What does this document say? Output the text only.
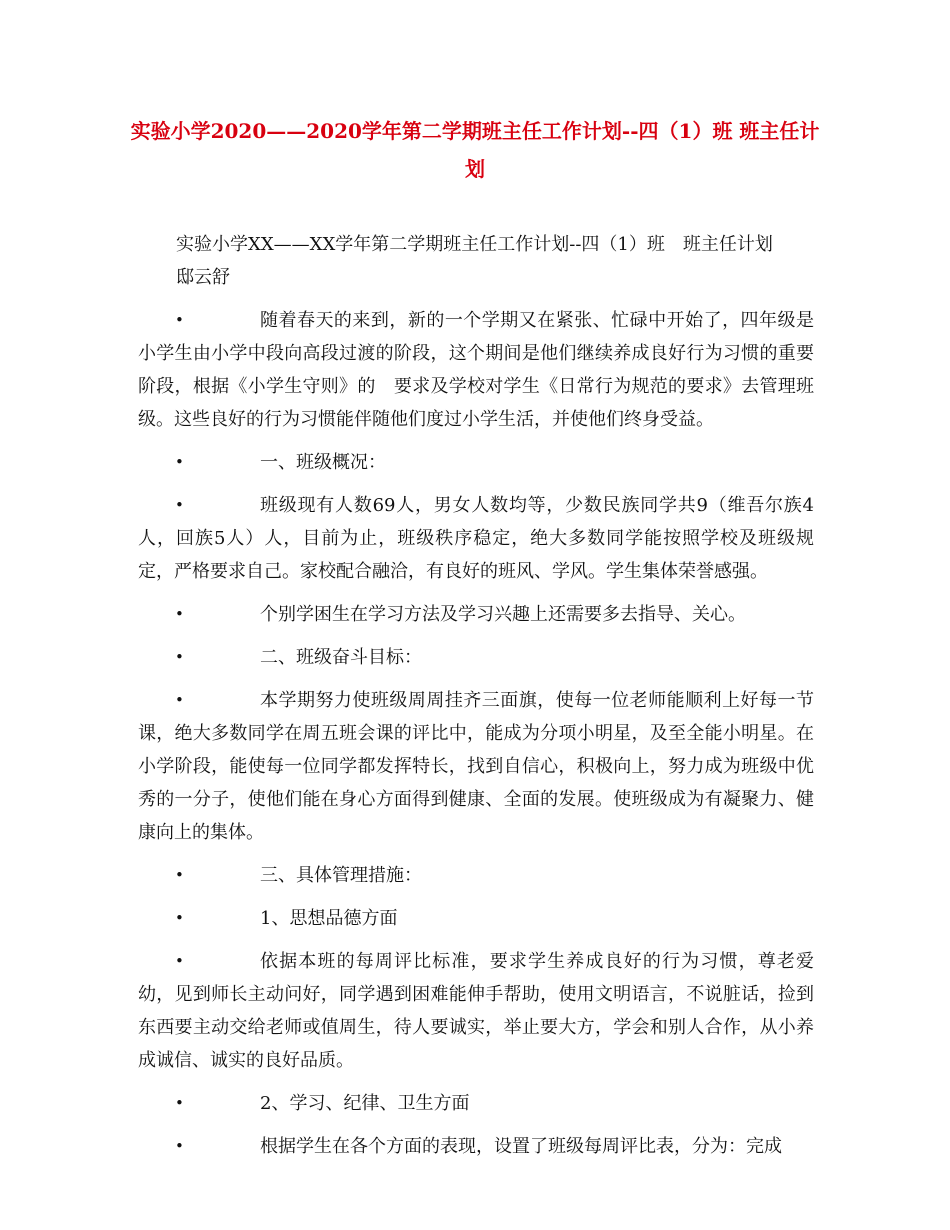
实验小学2020——2020学年第二学期班主任工作计划--四（1）班 班主任计划

实验小学XX——XX学年第二学期班主任工作计划--四（1）班　班主任计划

邸云舒

•	随着春天的来到，新的一个学期又在紧张、忙碌中开始了，四年级是小学生由小学中段向高段过渡的阶段，这个期间是他们继续养成良好行为习惯的重要阶段，根据《小学生守则》的　要求及学校对学生《日常行为规范的要求》去管理班级。这些良好的行为习惯能伴随他们度过小学生活，并使他们终身受益。

•	一、班级概况：

•	班级现有人数69人，男女人数均等，少数民族同学共9（维吾尔族4人，回族5人）人，目前为止，班级秩序稳定，绝大多数同学能按照学校及班级规定，严格要求自己。家校配合融洽，有良好的班风、学风。学生集体荣誉感强。

•	个别学困生在学习方法及学习兴趣上还需要多去指导、关心。

•	二、班级奋斗目标：

•	本学期努力使班级周周挂齐三面旗，使每一位老师能顺利上好每一节课，绝大多数同学在周五班会课的评比中，能成为分项小明星，及至全能小明星。在小学阶段，能使每一位同学都发挥特长，找到自信心，积极向上，努力成为班级中优秀的一分子，使他们能在身心方面得到健康、全面的发展。使班级成为有凝聚力、健康向上的集体。

•	三、具体管理措施：

•	1、思想品德方面

•	依据本班的每周评比标准，要求学生养成良好的行为习惯，尊老爱幼，见到师长主动问好，同学遇到困难能伸手帮助，使用文明语言，不说脏话，捡到东西要主动交给老师或值周生，待人要诚实，举止要大方，学会和别人合作，从小养成诚信、诚实的良好品质。

•	2、学习、纪律、卫生方面

•	根据学生在各个方面的表现，设置了班级每周评比表，分为：完成
